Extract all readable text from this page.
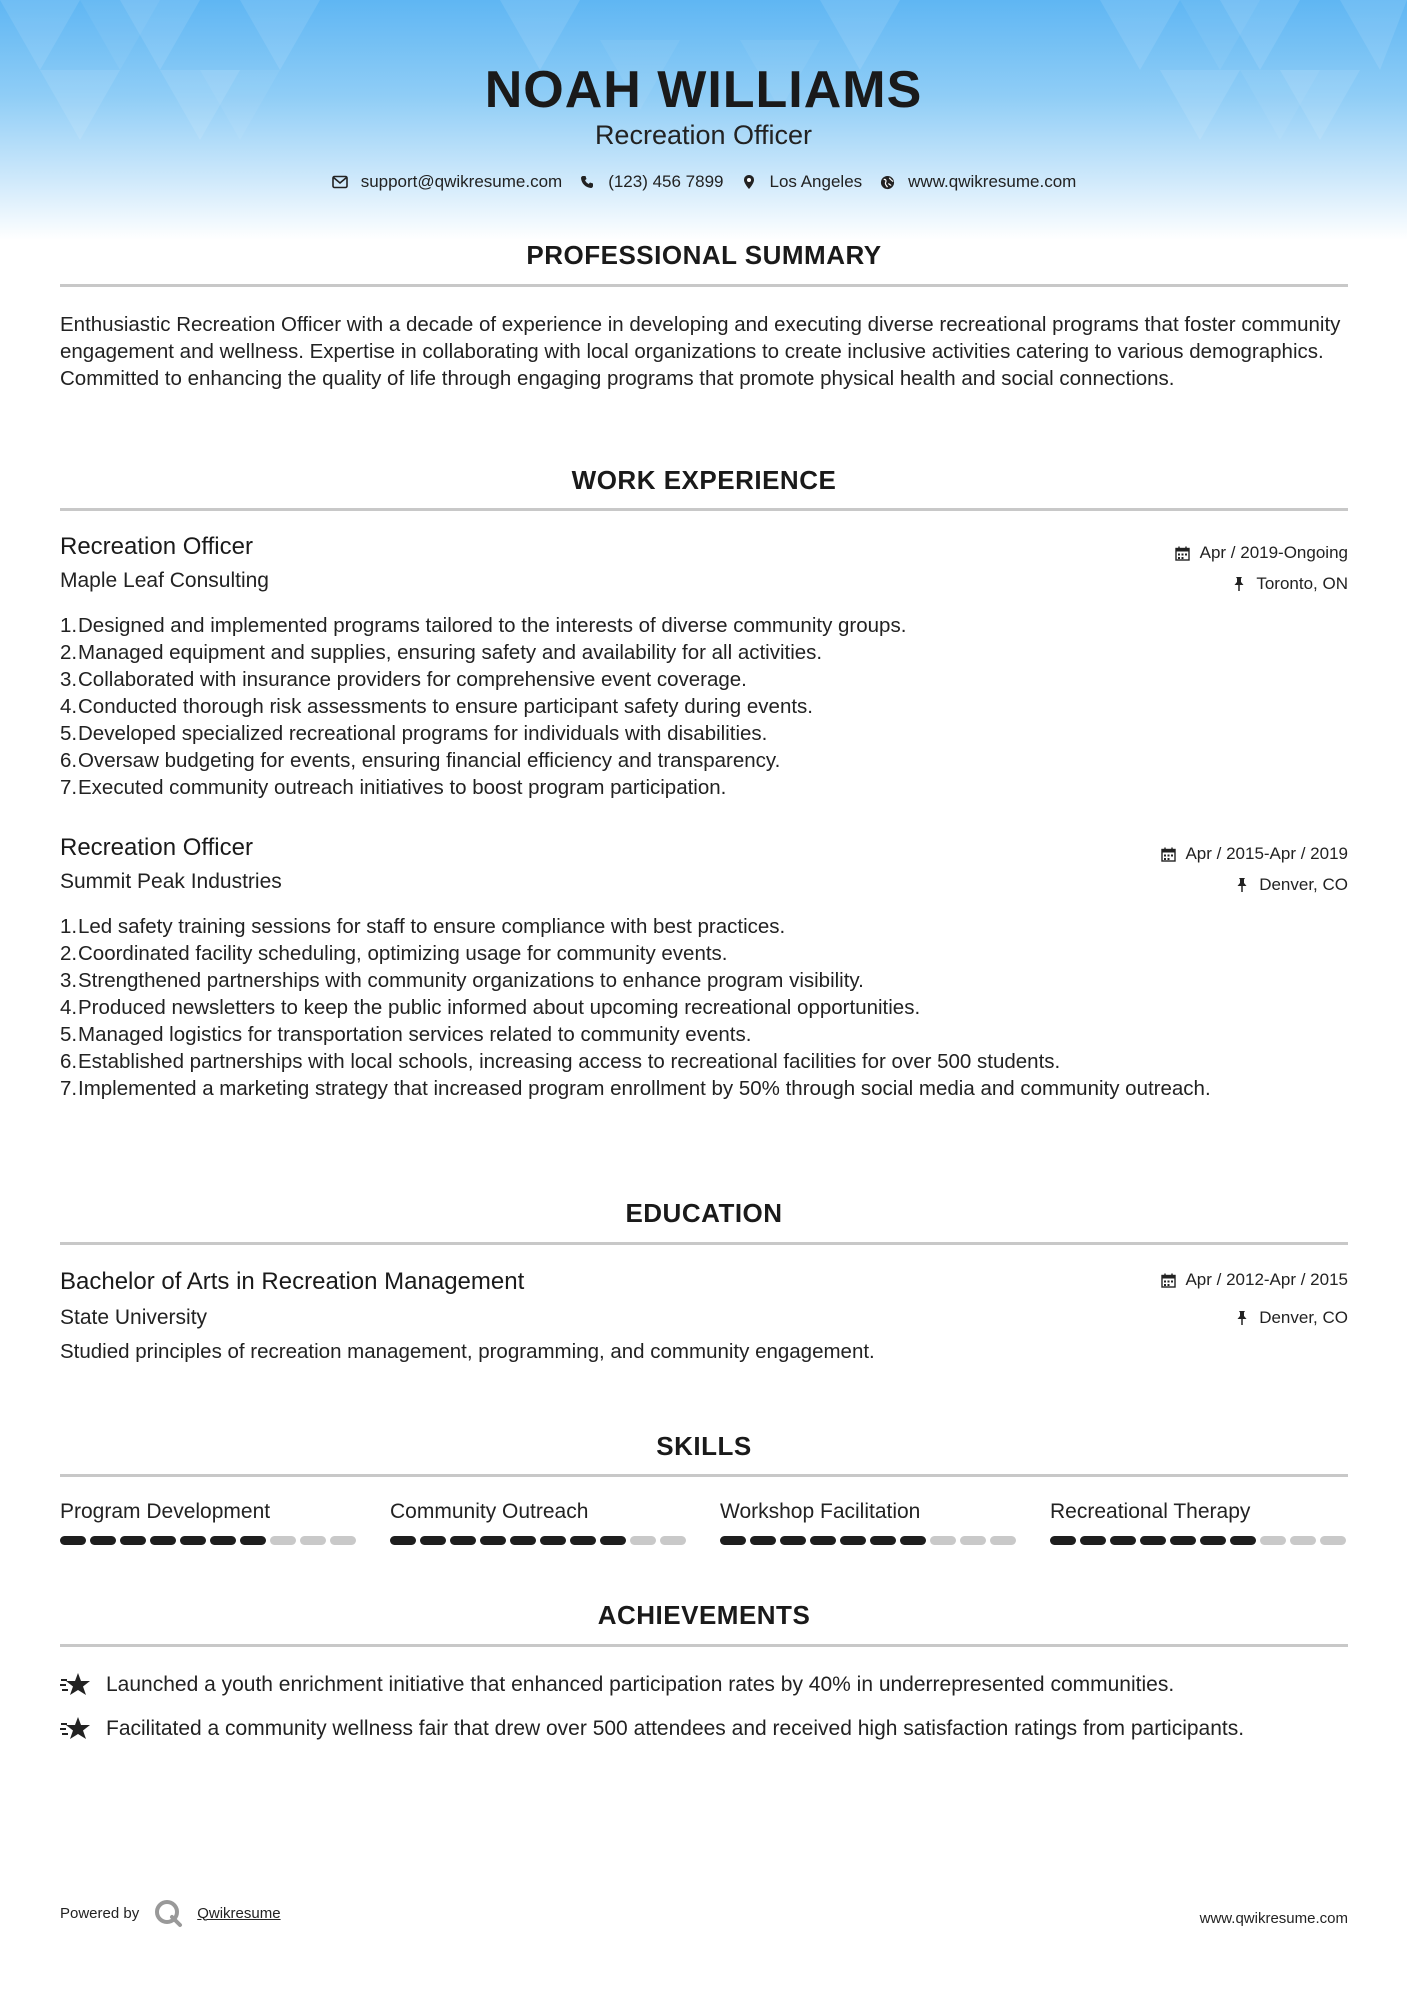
NOAH WILLIAMS
Recreation Officer
support@qwikresume.com	(123) 456 7899	Los Angeles	www.qwikresume.com
PROFESSIONAL SUMMARY
Enthusiastic Recreation Officer with a decade of experience in developing and executing diverse recreational programs that foster community engagement and wellness. Expertise in collaborating with local organizations to create inclusive activities catering to various demographics. Committed to enhancing the quality of life through engaging programs that promote physical health and social connections.
WORK EXPERIENCE
Recreation Officer
Maple Leaf Consulting
Apr / 2019-Ongoing
Toronto, ON
1. Designed and implemented programs tailored to the interests of diverse community groups.
2. Managed equipment and supplies, ensuring safety and availability for all activities.
3. Collaborated with insurance providers for comprehensive event coverage.
4. Conducted thorough risk assessments to ensure participant safety during events.
5. Developed specialized recreational programs for individuals with disabilities.
6. Oversaw budgeting for events, ensuring financial efficiency and transparency.
7. Executed community outreach initiatives to boost program participation.
Recreation Officer
Summit Peak Industries
Apr / 2015-Apr / 2019
Denver, CO
1. Led safety training sessions for staff to ensure compliance with best practices.
2. Coordinated facility scheduling, optimizing usage for community events.
3. Strengthened partnerships with community organizations to enhance program visibility.
4. Produced newsletters to keep the public informed about upcoming recreational opportunities.
5. Managed logistics for transportation services related to community events.
6. Established partnerships with local schools, increasing access to recreational facilities for over 500 students.
7. Implemented a marketing strategy that increased program enrollment by 50% through social media and community outreach.
EDUCATION
Bachelor of Arts in Recreation Management
State University
Studied principles of recreation management, programming, and community engagement.
Apr / 2012-Apr / 2015
Denver, CO
SKILLS
Program Development	Community Outreach	Workshop Facilitation	Recreational Therapy
ACHIEVEMENTS
Launched a youth enrichment initiative that enhanced participation rates by 40% in underrepresented communities.
Facilitated a community wellness fair that drew over 500 attendees and received high satisfaction ratings from participants.
Powered by	Qwikresume	www.qwikresume.com
